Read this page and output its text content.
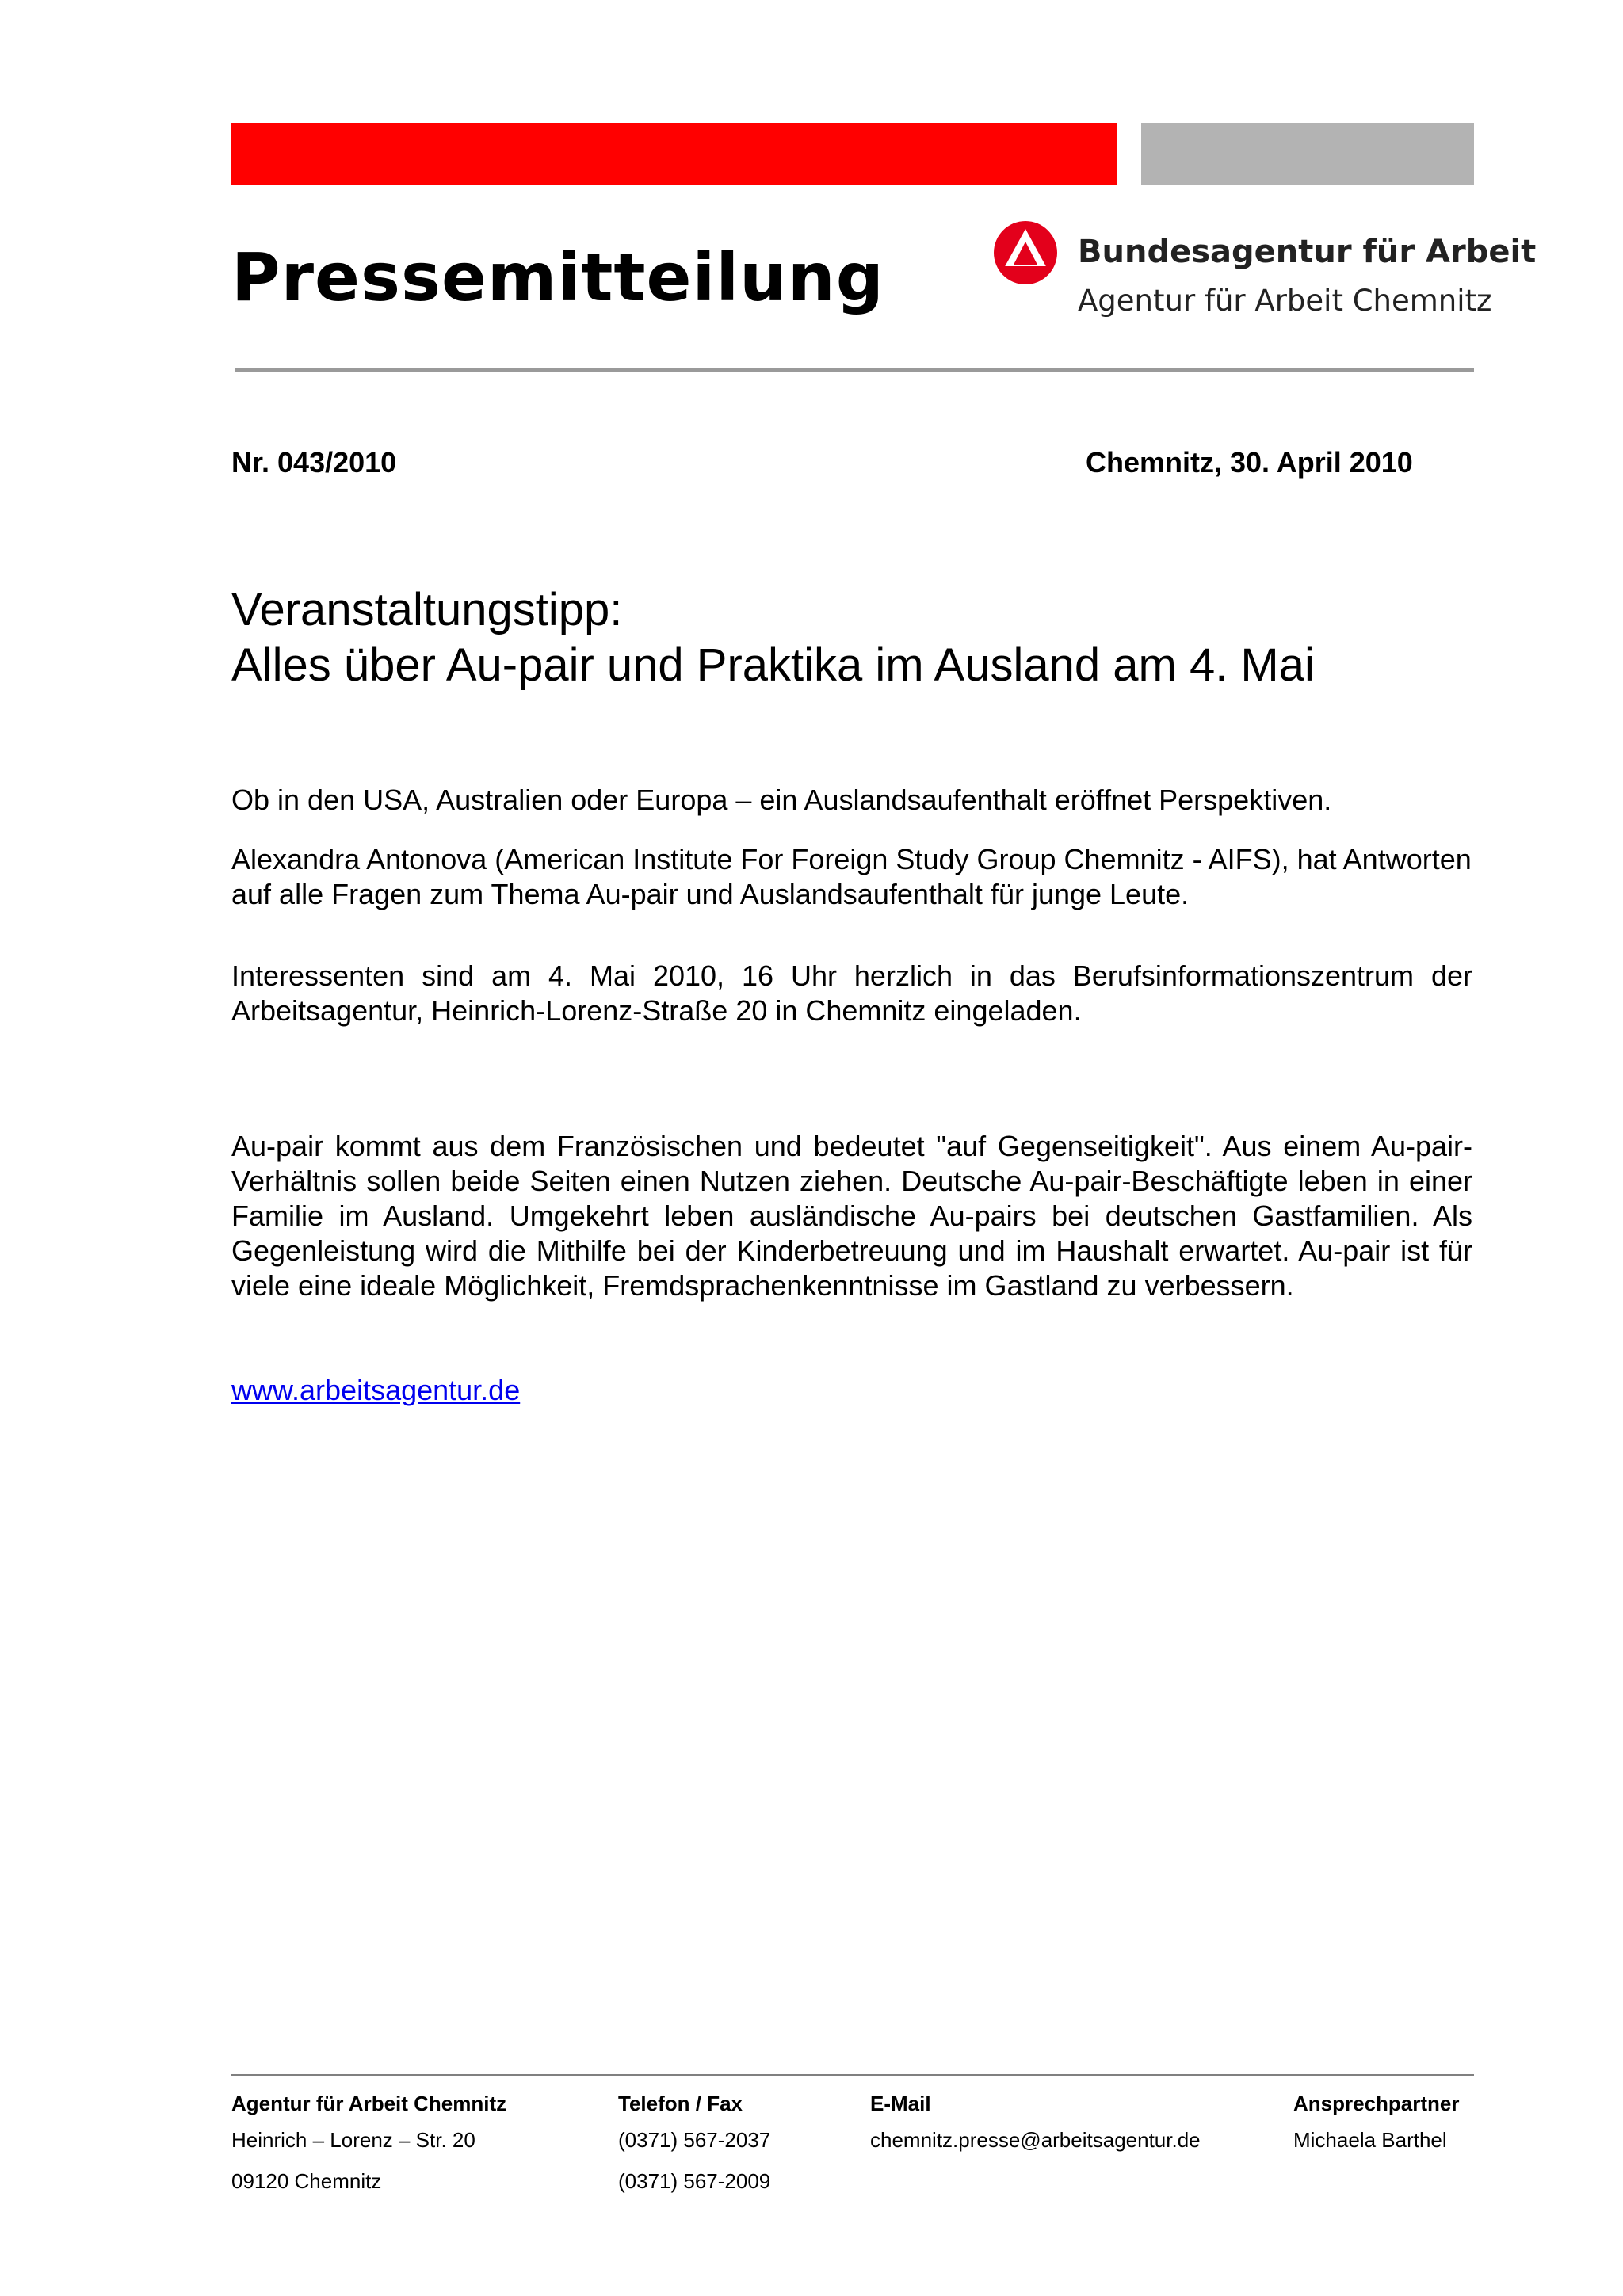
Pressemitteilung	Bundesagentur für Arbeit
Agentur für Arbeit Chemnitz
Nr. 043/2010	Chemnitz, 30. April 2010
Veranstaltungstipp:
Alles über Au-pair und Praktika im Ausland am 4. Mai
Ob in den USA, Australien oder Europa – ein Auslandsaufenthalt eröffnet Perspektiven.
Alexandra Antonova (American Institute For Foreign Study Group Chemnitz - AIFS), hat Antworten auf alle Fragen zum Thema Au-pair und Auslandsaufenthalt für junge Leute.
Interessenten sind am 4. Mai 2010, 16 Uhr herzlich in das Berufsinformationszentrum der Arbeitsagentur, Heinrich-Lorenz-Straße 20 in Chemnitz eingeladen.
Au-pair kommt aus dem Französischen und bedeutet "auf Gegenseitigkeit". Aus einem Au-pair-Verhältnis sollen beide Seiten einen Nutzen ziehen. Deutsche Au-pair-Beschäftigte leben in einer Familie im Ausland. Umgekehrt leben ausländische Au-pairs bei deutschen Gastfamilien. Als Gegenleistung wird die Mithilfe bei der Kinderbetreuung und im Haushalt erwartet. Au-pair ist für viele eine ideale Möglichkeit, Fremdsprachenkenntnisse im Gastland zu verbessern.
www.arbeitsagentur.de
Agentur für Arbeit Chemnitz
Heinrich – Lorenz – Str. 20
09120 Chemnitz
Telefon / Fax
(0371) 567-2037
(0371) 567-2009
E-Mail
chemnitz.presse@arbeitsagentur.de
Ansprechpartner
Michaela Barthel
